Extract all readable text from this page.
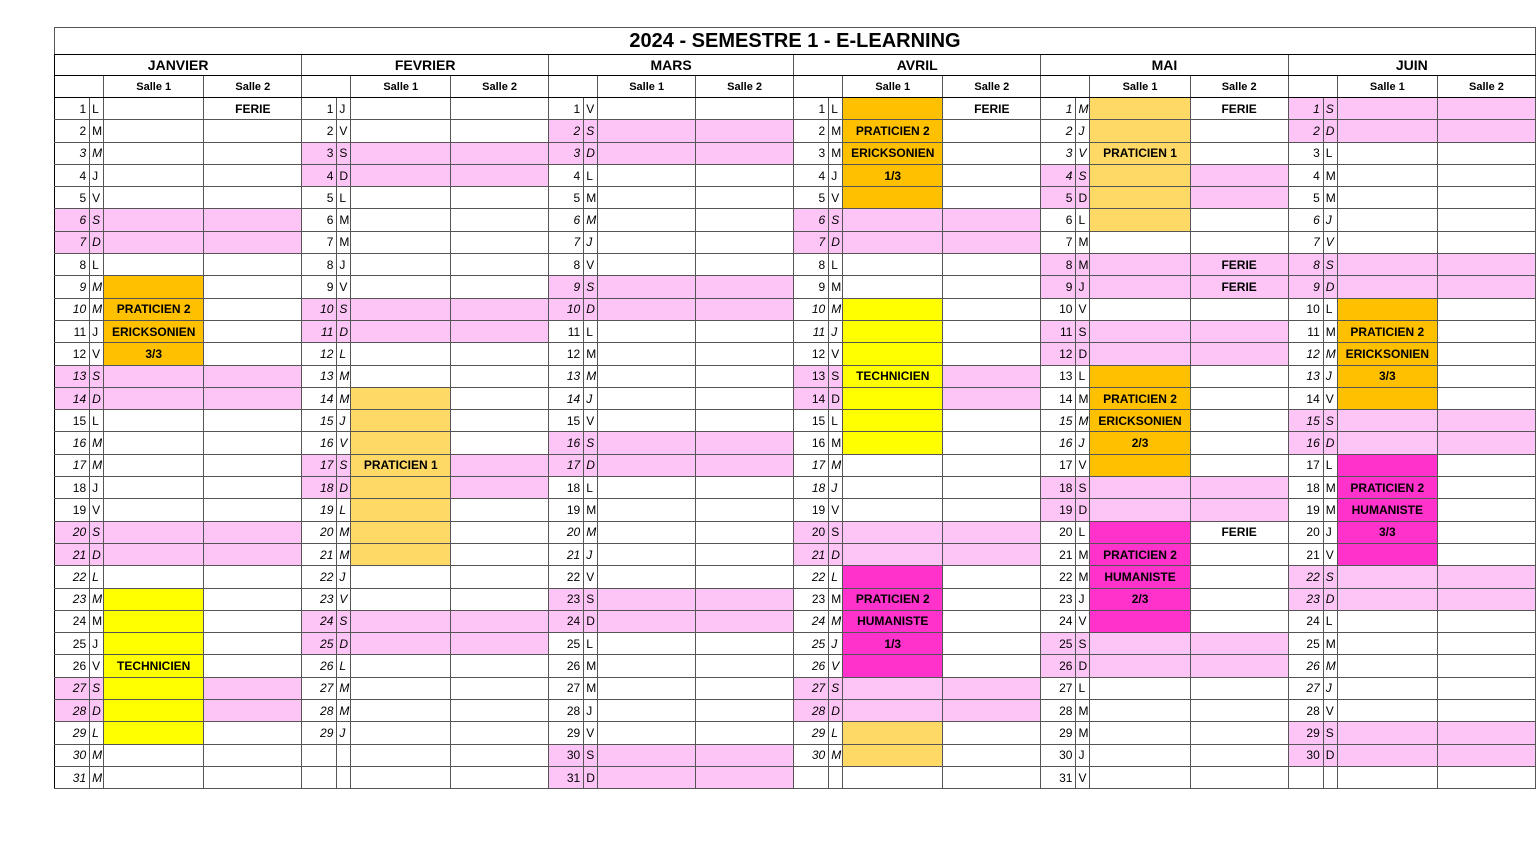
2024 - SEMESTRE 1 - E-LEARNING																							
JANVIER				FEVRIER				MARS				AVRIL				MAI				JUIN			
		Salle 1	Salle 2			Salle 1	Salle 2			Salle 1	Salle 2			Salle 1	Salle 2			Salle 1	Salle 2			Salle 1	Salle 2
1	L		FERIE	1	J			1	V			1	L		FERIE	1	M		FERIE	1	S		
2	M			2	V			2	S			2	M	PRATICIEN 2		2	J			2	D		
3	M			3	S			3	D			3	M	ERICKSONIEN		3	V	PRATICIEN 1		3	L		
4	J			4	D			4	L			4	J	1/3		4	S			4	M		
5	V			5	L			5	M			5	V			5	D			5	M		
6	S			6	M			6	M			6	S			6	L			6	J		
7	D			7	M			7	J			7	D			7	M			7	V		
8	L			8	J			8	V			8	L			8	M		FERIE	8	S		
9	M			9	V			9	S			9	M			9	J		FERIE	9	D		
10	M	PRATICIEN 2		10	S			10	D			10	M			10	V			10	L		
11	J	ERICKSONIEN		11	D			11	L			11	J			11	S			11	M	PRATICIEN 2	
12	V	3/3		12	L			12	M			12	V			12	D			12	M	ERICKSONIEN	
13	S			13	M			13	M			13	S	TECHNICIEN		13	L			13	J	3/3	
14	D			14	M			14	J			14	D			14	M	PRATICIEN 2		14	V		
15	L			15	J			15	V			15	L			15	M	ERICKSONIEN		15	S		
16	M			16	V			16	S			16	M			16	J	2/3		16	D		
17	M			17	S	PRATICIEN 1		17	D			17	M			17	V			17	L		
18	J			18	D			18	L			18	J			18	S			18	M	PRATICIEN 2	
19	V			19	L			19	M			19	V			19	D			19	M	HUMANISTE	
20	S			20	M			20	M			20	S			20	L		FERIE	20	J	3/3	
21	D			21	M			21	J			21	D			21	M	PRATICIEN 2		21	V		
22	L			22	J			22	V			22	L			22	M	HUMANISTE		22	S		
23	M			23	V			23	S			23	M	PRATICIEN 2		23	J	2/3		23	D		
24	M			24	S			24	D			24	M	HUMANISTE		24	V			24	L		
25	J			25	D			25	L			25	J	1/3		25	S			25	M		
26	V	TECHNICIEN		26	L			26	M			26	V			26	D			26	M		
27	S			27	M			27	M			27	S			27	L			27	J		
28	D			28	M			28	J			28	D			28	M			28	V		
29	L			29	J			29	V			29	L			29	M			29	S		
30	M							30	S			30	M			30	J			30	D		
31	M							31	D							31	V						
